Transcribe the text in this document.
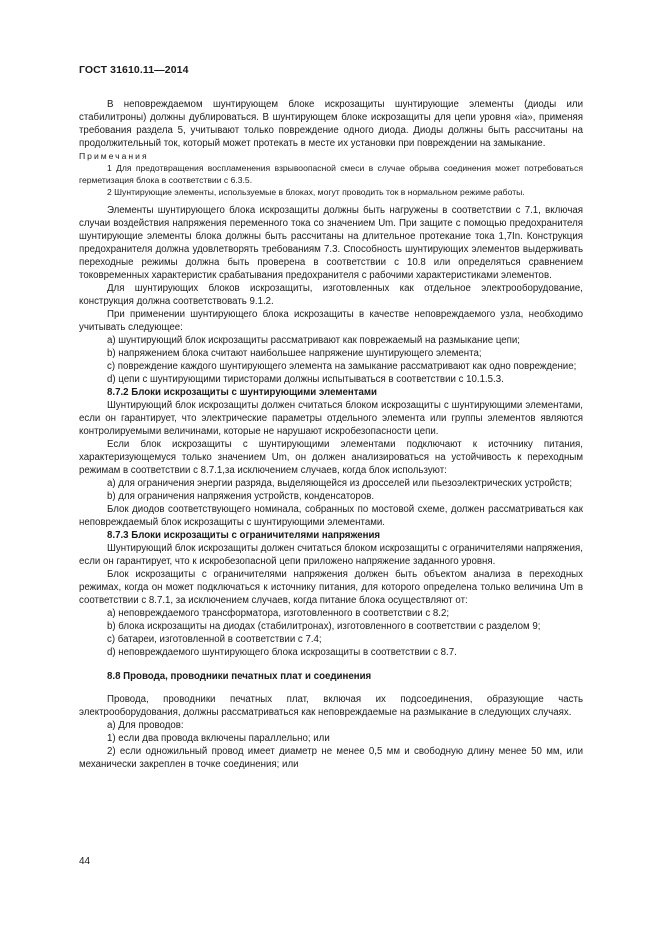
ГОСТ 31610.11—2014

В неповреждаемом шунтирующем блоке искрозащиты шунтирующие элементы (диоды или стабилитроны) должны дублироваться. В шунтирующем блоке искрозащиты для цепи уровня «ia», применяя требования раздела 5, учитывают только повреждение одного диода. Диоды должны быть рассчитаны на продолжительный ток, который может протекать в месте их установки при повреждении на замыкание.

Примечания

1 Для предотвращения воспламенения взрывоопасной смеси в случае обрыва соединения может потребоваться герметизация блока в соответствии с 6.3.5.

2 Шунтирующие элементы, используемые в блоках, могут проводить ток в нормальном режиме работы.

Элементы шунтирующего блока искрозащиты должны быть нагружены в соответствии с 7.1, включая случаи воздействия напряжения переменного тока со значением Um. При защите с помощью предохранителя шунтирующие элементы блока должны быть рассчитаны на длительное протекание тока 1,7In. Конструкция предохранителя должна удовлетворять требованиям 7.3. Способность шунтирующих элементов выдерживать переходные режимы должна быть проверена в соответствии с 10.8 или определяться сравнением токовременных характеристик срабатывания предохранителя с рабочими характеристиками элементов.

Для шунтирующих блоков искрозащиты, изготовленных как отдельное электрооборудование, конструкция должна соответствовать 9.1.2.

При применении шунтирующего блока искрозащиты в качестве неповреждаемого узла, необходимо учитывать следующее:

а) шунтирующий блок искрозащиты рассматривают как поврежаемый на размыкание цепи;

b) напряжением блока считают наибольшее напряжение шунтирующего элемента;

c) повреждение каждого шунтирующего элемента на замыкание рассматривают как одно повреждение;

d) цепи с шунтирующими тиристорами должны испытываться в соответствии с 10.1.5.3.

8.7.2 Блоки искрозащиты с шунтирующими элементами

Шунтирующий блок искрозащиты должен считаться блоком искрозащиты с шунтирующими элементами, если он гарантирует, что электрические параметры отдельного элемента или группы элементов являются контролируемыми величинами, которые не нарушают искробезопасности цепи.

Если блок искрозащиты с шунтирующими элементами подключают к источнику питания, характеризующемуся только значением Um, он должен анализироваться на устойчивость к переходным режимам в соответствии с 8.7.1,за исключением случаев, когда блок используют:

а) для ограничения энергии разряда, выделяющейся из дросселей или пьезоэлектрических устройств;

b) для ограничения напряжения устройств, конденсаторов.

Блок диодов соответствующего номинала, собранных по мостовой схеме, должен рассматриваться как неповреждаемый блок искрозащиты с шунтирующими элементами.

8.7.3 Блоки искрозащиты с ограничителями напряжения

Шунтирующий блок искрозащиты должен считаться блоком искрозащиты с ограничителями напряжения, если он гарантирует, что к искробезопасной цепи приложено напряжение заданного уровня.

Блок искрозащиты с ограничителями напряжения должен быть объектом анализа в переходных режимах, когда он может подключаться к источнику питания, для которого определена только величина Um в соответствии с 8.7.1, за исключением случаев, когда питание блока осуществляют от:

а) неповреждаемого трансформатора, изготовленного в соответствии с 8.2;

b) блока искрозащиты на диодах (стабилитронах), изготовленного в соответствии с разделом 9;

c) батареи, изготовленной в соответствии с 7.4;

d) неповреждаемого шунтирующего блока искрозащиты в соответствии с 8.7.

8.8 Провода, проводники печатных плат и соединения

Провода, проводники печатных плат, включая их подсоединения, образующие часть электрооборудования, должны рассматриваться как неповреждаемые на размыкание в следующих случаях.

а) Для проводов:

1) если два провода включены параллельно; или

2) если одножильный провод имеет диаметр не менее 0,5 мм и свободную длину менее 50 мм, или механически закреплен в точке соединения; или

44
